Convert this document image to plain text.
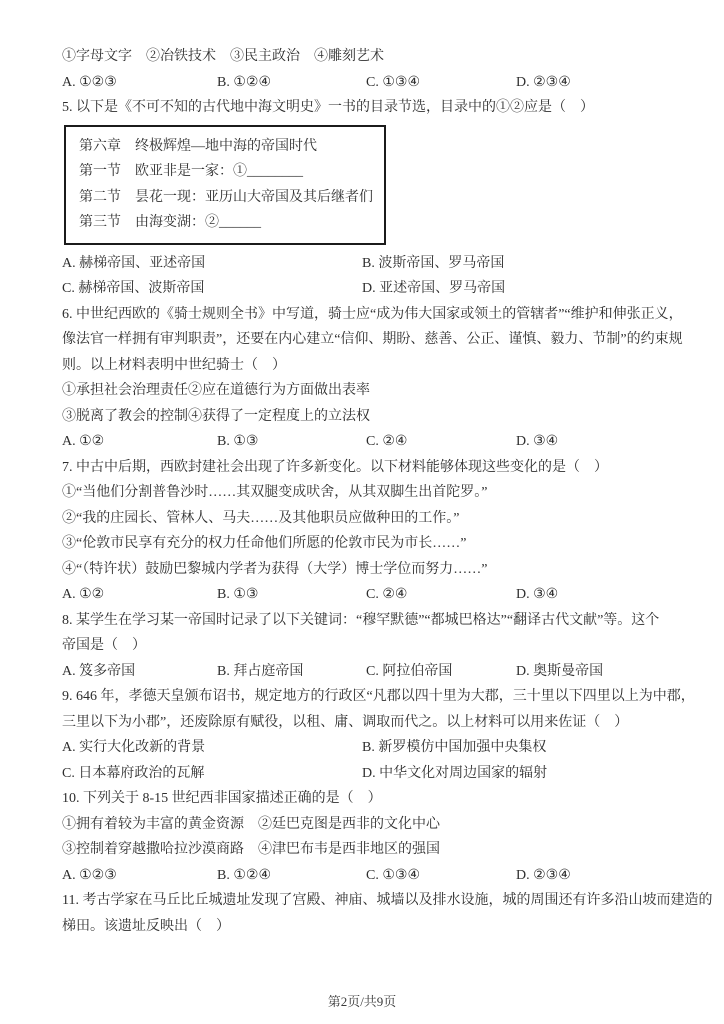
①字母文字　②冶铁技术　③民主政治　④雕刻艺术
A. ①②③	B. ①②④	C. ①③④	D. ②③④
5. 以下是《不可不知的古代地中海文明史》一书的目录节选，目录中的①②应是（　）
第六章　终极辉煌—地中海的帝国时代
第一节　欧亚非是一家：①________
第二节　昙花一现：亚历山大帝国及其后继者们
第三节　由海变湖：②______
A. 赫梯帝国、亚述帝国	B. 波斯帝国、罗马帝国
C. 赫梯帝国、波斯帝国	D. 亚述帝国、罗马帝国
6. 中世纪西欧的《骑士规则全书》中写道，骑士应“成为伟大国家或领土的管辖者”“维护和伸张正义，
像法官一样拥有审判职责”，还要在内心建立“信仰、期盼、慈善、公正、谨慎、毅力、节制”的约束规
则。以上材料表明中世纪骑士（　）
①承担社会治理责任②应在道德行为方面做出表率
③脱离了教会的控制④获得了一定程度上的立法权
A. ①②	B. ①③	C. ②④	D. ③④
7. 中古中后期，西欧封建社会出现了许多新变化。以下材料能够体现这些变化的是（　）
①“当他们分割普鲁沙时……其双腿变成吠舍，从其双脚生出首陀罗。”
②“我的庄园长、管林人、马夫……及其他职员应做种田的工作。”
③“伦敦市民享有充分的权力任命他们所愿的伦敦市民为市长……”
④“（特许状）鼓励巴黎城内学者为获得（大学）博士学位而努力……”
A. ①②	B. ①③	C. ②④	D. ③④
8. 某学生在学习某一帝国时记录了以下关键词：“穆罕默德”“都城巴格达”“翻译古代文献”等。这个
帝国是（　）
A. 笈多帝国	B. 拜占庭帝国	C. 阿拉伯帝国	D. 奥斯曼帝国
9. 646 年，孝德天皇颁布诏书，规定地方的行政区“凡郡以四十里为大郡，三十里以下四里以上为中郡，
三里以下为小郡”，还废除原有赋役，以租、庸、调取而代之。以上材料可以用来佐证（　）
A. 实行大化改新的背景	B. 新罗模仿中国加强中央集权
C. 日本幕府政治的瓦解	D. 中华文化对周边国家的辐射
10. 下列关于 8-15 世纪西非国家描述正确的是（　）
①拥有着较为丰富的黄金资源　②廷巴克图是西非的文化中心
③控制着穿越撒哈拉沙漠商路　④津巴布韦是西非地区的强国
A. ①②③	B. ①②④	C. ①③④	D. ②③④
11. 考古学家在马丘比丘城遗址发现了宫殿、神庙、城墙以及排水设施，城的周围还有许多沿山坡而建造的
梯田。该遗址反映出（　）
第2页/共9页
